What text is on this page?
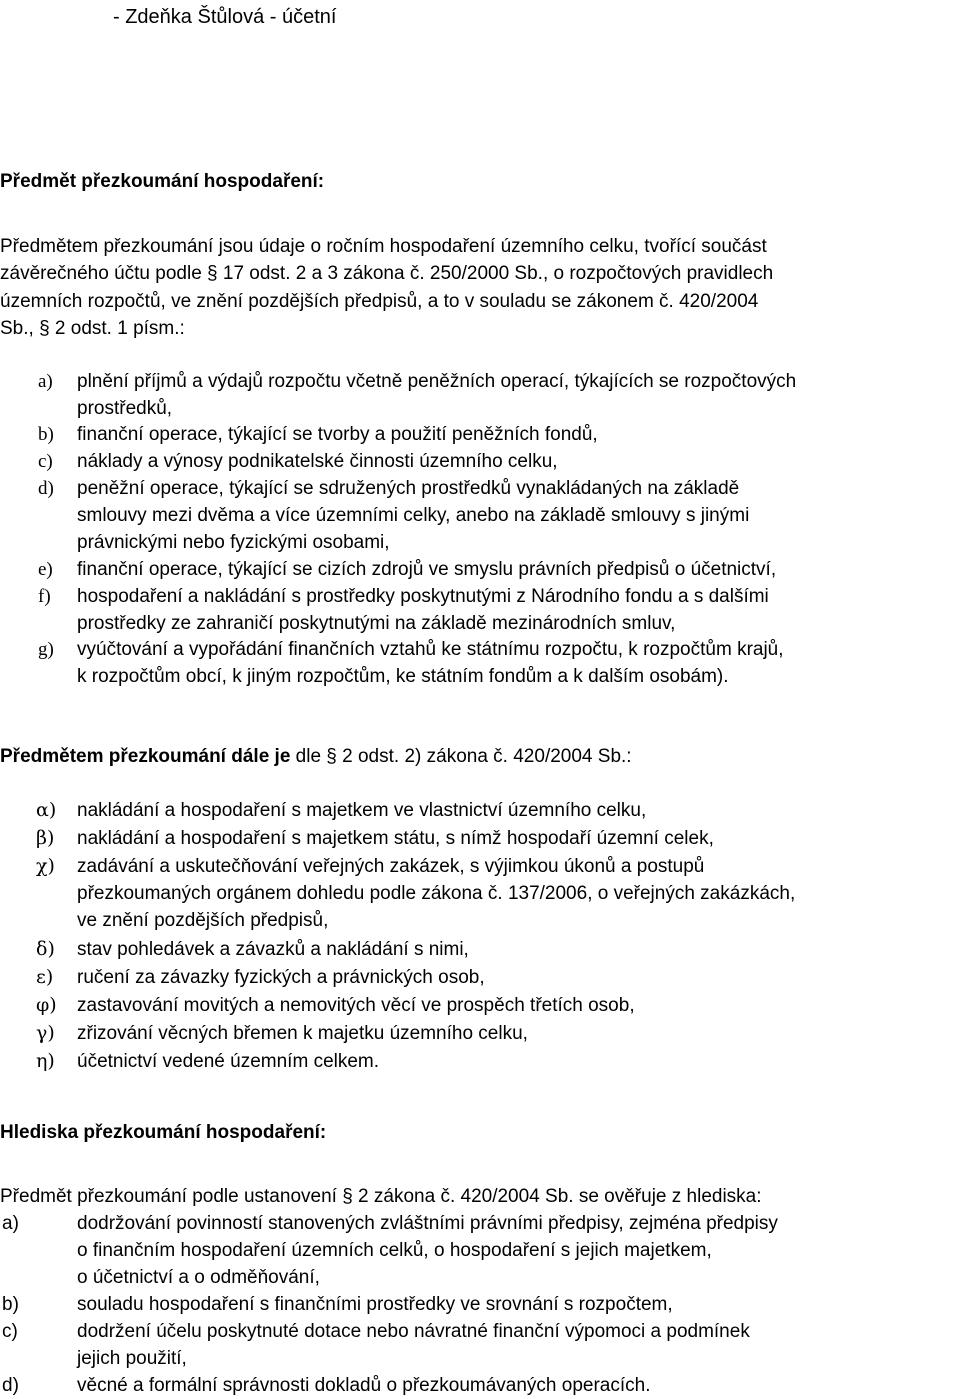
- Zdeňka Štůlová - účetní
Předmět přezkoumání hospodaření:
Předmětem přezkoumání jsou údaje o ročním hospodaření územního celku, tvořící součást
závěrečného účtu podle § 17 odst. 2 a 3 zákona č. 250/2000 Sb., o rozpočtových pravidlech
územních rozpočtů, ve znění pozdějších předpisů, a to v souladu se zákonem č. 420/2004
Sb., § 2 odst. 1 písm.:
a) plnění příjmů a výdajů rozpočtu včetně peněžních operací, týkajících se rozpočtových
prostředků,
b) finanční operace, týkající se tvorby a použití peněžních fondů,
c) náklady a výnosy podnikatelské činnosti územního celku,
d) peněžní operace, týkající se sdružených prostředků vynakládaných na základě
smlouvy mezi dvěma a více územními celky, anebo na základě smlouvy s jinými
právnickými nebo fyzickými osobami,
e) finanční operace, týkající se cizích zdrojů ve smyslu právních předpisů o účetnictví,
f) hospodaření a nakládání s prostředky poskytnutými z Národního fondu a s dalšími
prostředky ze zahraničí poskytnutými na základě mezinárodních smluv,
g) vyúčtování a vypořádání finančních vztahů ke státnímu rozpočtu, k rozpočtům krajů,
k rozpočtům obcí, k jiným rozpočtům, ke státním fondům a k dalším osobám).
Předmětem přezkoumání dále je dle § 2 odst. 2) zákona č. 420/2004 Sb.:
α) nakládání a hospodaření s majetkem ve vlastnictví územního celku,
β) nakládání a hospodaření s majetkem státu, s nímž hospodaří územní celek,
χ) zadávání a uskutečňování veřejných zakázek, s výjimkou úkonů a postupů
přezkoumaných orgánem dohledu podle zákona č. 137/2006, o veřejných zakázkách,
ve znění pozdějších předpisů,
δ) stav pohledávek a závazků a nakládání s nimi,
ε) ručení za závazky fyzických a právnických osob,
φ) zastavování movitých a nemovitých věcí ve prospěch třetích osob,
γ) zřizování věcných břemen k majetku územního celku,
η) účetnictví vedené územním celkem.
Hlediska přezkoumání hospodaření:
Předmět přezkoumání podle ustanovení § 2 zákona č. 420/2004 Sb. se ověřuje z hlediska:
a)	dodržování povinností stanovených zvláštními právními předpisy, zejména předpisy
o finančním hospodaření územních celků, o hospodaření s jejich majetkem,
o účetnictví a o odměňování,
b)	souladu hospodaření s finančními prostředky ve srovnání s rozpočtem,
c)	dodržení účelu poskytnuté dotace nebo návratné finanční výpomoci a podmínek
jejich použití,
d)	věcné a formální správnosti dokladů o přezkoumávaných operacích.
